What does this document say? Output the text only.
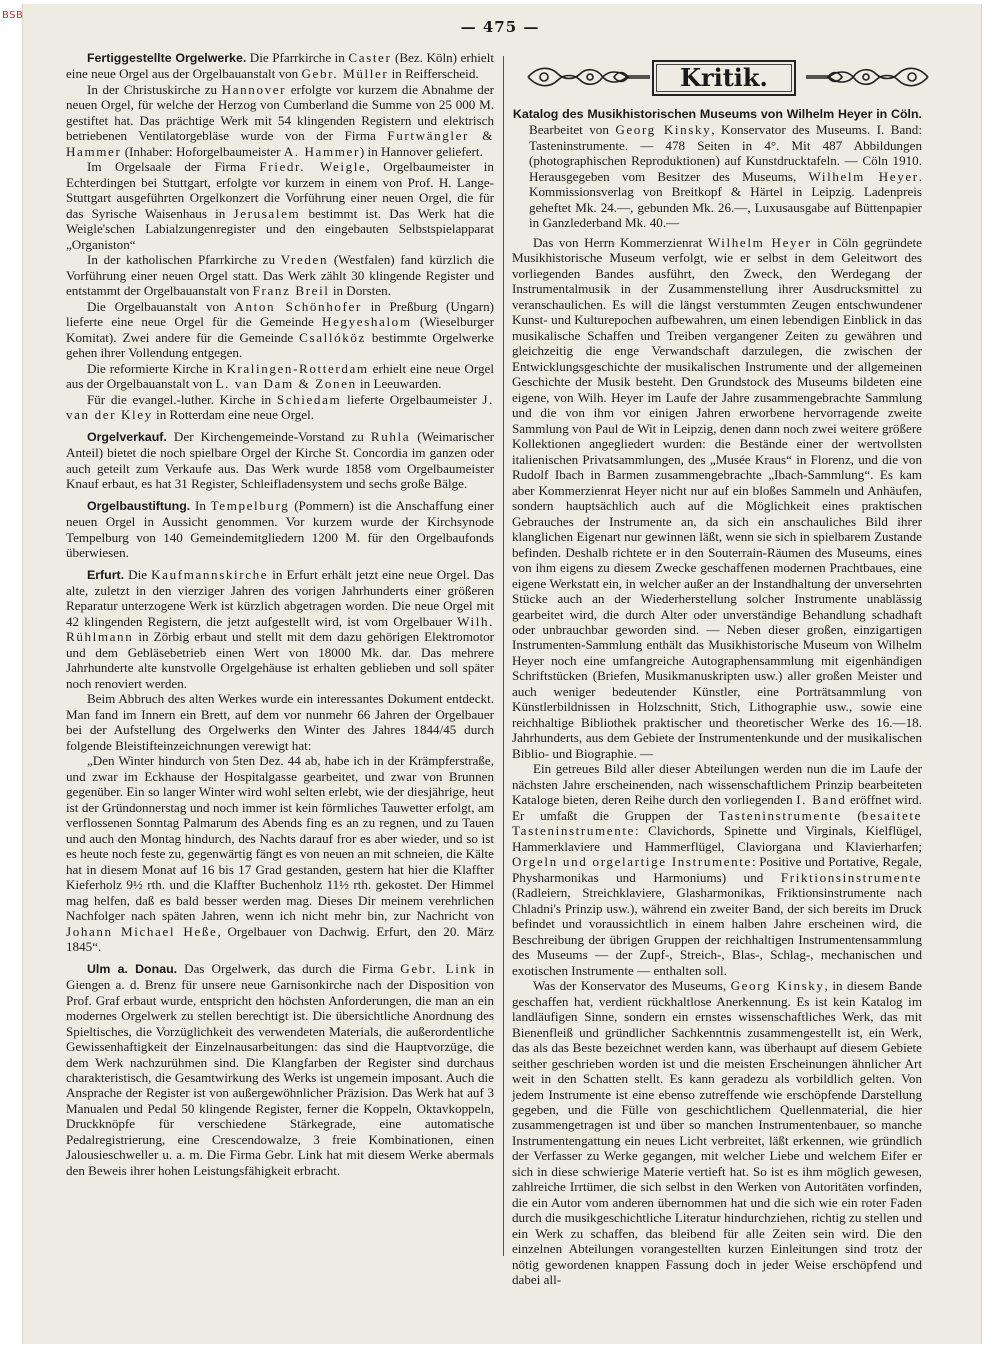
BSB
— 475 —

Fertiggestellte Orgelwerke. Die Pfarrkirche in Caster (Bez. Köln) erhielt eine neue Orgel aus der Orgelbauanstalt von Gebr. Müller in Reifferscheid.

In der Christuskirche zu Hannover erfolgte vor kurzem die Abnahme der neuen Orgel, für welche der Herzog von Cumberland die Summe von 25 000 M. gestiftet hat. Das prächtige Werk mit 54 klingenden Registern und elektrisch betriebenen Ventilatorgebläse wurde von der Firma Furtwängler & Hammer (Inhaber: Hoforgelbaumeister A. Hammer) in Hannover geliefert.

Im Orgelsaale der Firma Friedr. Weigle, Orgelbaumeister in Echterdingen bei Stuttgart, erfolgte vor kurzem in einem von Prof. H. Lange-Stuttgart ausgeführten Orgelkonzert die Vorführung einer neuen Orgel, die für das Syrische Waisenhaus in Jerusalem bestimmt ist. Das Werk hat die Weigle'schen Labialzungenregister und den eingebauten Selbstspielapparat „Organiston“

In der katholischen Pfarrkirche zu Vreden (Westfalen) fand kürzlich die Vorführung einer neuen Orgel statt. Das Werk zählt 30 klingende Register und entstammt der Orgelbauanstalt von Franz Breil in Dorsten.

Die Orgelbauanstalt von Anton Schönhofer in Preßburg (Ungarn) lieferte eine neue Orgel für die Gemeinde Hegyeshalom (Wieselburger Komitat). Zwei andere für die Gemeinde Csallóköz bestimmte Orgelwerke gehen ihrer Vollendung entgegen.

Die reformierte Kirche in Kralingen-Rotterdam erhielt eine neue Orgel aus der Orgelbauanstalt von L. van Dam & Zonen in Leeuwarden.

Für die evangel.-luther. Kirche in Schiedam lieferte Orgelbaumeister J. van der Kley in Rotterdam eine neue Orgel.

Orgelverkauf. Der Kirchengemeinde-Vorstand zu Ruhla (Weimarischer Anteil) bietet die noch spielbare Orgel der Kirche St. Concordia im ganzen oder auch geteilt zum Verkaufe aus. Das Werk wurde 1858 vom Orgelbaumeister Knauf erbaut, es hat 31 Register, Schleifladensystem und sechs große Bälge.

Orgelbaustiftung. In Tempelburg (Pommern) ist die Anschaffung einer neuen Orgel in Aussicht genommen. Vor kurzem wurde der Kirchsynode Tempelburg von 140 Gemeindemitgliedern 1200 M. für den Orgelbaufonds überwiesen.

Erfurt. Die Kaufmannskirche in Erfurt erhält jetzt eine neue Orgel. Das alte, zuletzt in den vierziger Jahren des vorigen Jahrhunderts einer größeren Reparatur unterzogene Werk ist kürzlich abgetragen worden. Die neue Orgel mit 42 klingenden Registern, die jetzt aufgestellt wird, ist vom Orgelbauer Wilh. Rühlmann in Zörbig erbaut und stellt mit dem dazu gehörigen Elektromotor und dem Gebläsebetrieb einen Wert von 18000 Mk. dar. Das mehrere Jahrhunderte alte kunstvolle Orgelgehäuse ist erhalten geblieben und soll später noch renoviert werden.

Beim Abbruch des alten Werkes wurde ein interessantes Dokument entdeckt. Man fand im Innern ein Brett, auf dem vor nunmehr 66 Jahren der Orgelbauer bei der Aufstellung des Orgelwerks den Winter des Jahres 1844/45 durch folgende Bleistifteinzeichnungen verewigt hat:

„Den Winter hindurch von 5ten Dez. 44 ab, habe ich in der Krämpferstraße, und zwar im Eckhause der Hospitalgasse gearbeitet, und zwar von Brunnen gegenüber. Ein so langer Winter wird wohl selten erlebt, wie der diesjährige, heut ist der Gründonnerstag und noch immer ist kein förmliches Tauwetter erfolgt, am verflossenen Sonntag Palmarum des Abends fing es an zu regnen, und zu Tauen und auch den Montag hindurch, des Nachts darauf fror es aber wieder, und so ist es heute noch feste zu, gegenwärtig fängt es von neuen an mit schneien, die Kälte hat in diesem Monat auf 16 bis 17 Grad gestanden, gestern hat hier die Klaffter Kieferholz 9½ rth. und die Klaffter Buchenholz 11½ rth. gekostet. Der Himmel mag helfen, daß es bald besser werden mag. Dieses Dir meinem verehrlichen Nachfolger nach späten Jahren, wenn ich nicht mehr bin, zur Nachricht von Johann Michael Heße, Orgelbauer von Dachwig. Erfurt, den 20. März 1845“.

Ulm a. Donau. Das Orgelwerk, das durch die Firma Gebr. Link in Giengen a. d. Brenz für unsere neue Garnisonkirche nach der Disposition von Prof. Graf erbaut wurde, entspricht den höchsten Anforderungen, die man an ein modernes Orgelwerk zu stellen berechtigt ist. Die übersichtliche Anordnung des Spieltisches, die Vorzüglichkeit des verwendeten Materials, die außerordentliche Gewissenhaftigkeit der Einzelnausarbeitungen: das sind die Hauptvorzüge, die dem Werk nachzurühmen sind. Die Klangfarben der Register sind durchaus charakteristisch, die Gesamtwirkung des Werks ist ungemein imposant. Auch die Ansprache der Register ist von außergewöhnlicher Präzision. Das Werk hat auf 3 Manualen und Pedal 50 klingende Register, ferner die Koppeln, Oktavkoppeln, Druckknöpfe für verschiedene Stärkegrade, eine automatische Pedalregistrierung, eine Crescendowalze, 3 freie Kombinationen, einen Jalousieschweller u. a. m. Die Firma Gebr. Link hat mit diesem Werke abermals den Beweis ihrer hohen Leistungsfähigkeit erbracht.

Kritik.

Katalog des Musikhistorischen Museums von Wilhelm Heyer in Cöln. Bearbeitet von Georg Kinsky, Konservator des Museums. I. Band: Tasteninstrumente. — 478 Seiten in 4°. Mit 487 Abbildungen (photographischen Reproduktionen) auf Kunstdrucktafeln. — Cöln 1910. Herausgegeben vom Besitzer des Museums, Wilhelm Heyer. Kommissionsverlag von Breitkopf & Härtel in Leipzig. Ladenpreis geheftet Mk. 24.—, gebunden Mk. 26.—, Luxusausgabe auf Büttenpapier in Ganzlederband Mk. 40.—

Das von Herrn Kommerzienrat Wilhelm Heyer in Cöln gegründete Musikhistorische Museum verfolgt, wie er selbst in dem Geleitwort des vorliegenden Bandes ausführt, den Zweck, den Werdegang der Instrumentalmusik in der Zusammenstellung ihrer Ausdrucksmittel zu veranschaulichen. Es will die längst verstummten Zeugen entschwundener Kunst- und Kulturepochen aufbewahren, um einen lebendigen Einblick in das musikalische Schaffen und Treiben vergangener Zeiten zu gewähren und gleichzeitig die enge Verwandschaft darzulegen, die zwischen der Entwicklungsgeschichte der musikalischen Instrumente und der allgemeinen Geschichte der Musik besteht. Den Grundstock des Museums bildeten eine eigene, von Wilh. Heyer im Laufe der Jahre zusammengebrachte Sammlung und die von ihm vor einigen Jahren erworbene hervorragende zweite Sammlung von Paul de Wit in Leipzig, denen dann noch zwei weitere größere Kollektionen angegliedert wurden: die Bestände einer der wertvollsten italienischen Privatsammlungen, des „Musée Kraus“ in Florenz, und die von Rudolf Ibach in Barmen zusammengebrachte „Ibach-Sammlung“. Es kam aber Kommerzienrat Heyer nicht nur auf ein bloßes Sammeln und Anhäufen, sondern hauptsächlich auch auf die Möglichkeit eines praktischen Gebrauches der Instrumente an, da sich ein anschauliches Bild ihrer klanglichen Eigenart nur gewinnen läßt, wenn sie sich in spielbarem Zustande befinden. Deshalb richtete er in den Souterrain-Räumen des Museums, eines von ihm eigens zu diesem Zwecke geschaffenen modernen Prachtbaues, eine eigene Werkstatt ein, in welcher außer an der Instandhaltung der unversehrten Stücke auch an der Wiederherstellung solcher Instrumente unablässig gearbeitet wird, die durch Alter oder unverständige Behandlung schadhaft oder unbrauchbar geworden sind. — Neben dieser großen, einzigartigen Instrumenten-Sammlung enthält das Musikhistorische Museum von Wilhelm Heyer noch eine umfangreiche Autographensammlung mit eigenhändigen Schriftstücken (Briefen, Musikmanuskripten usw.) aller großen Meister und auch weniger bedeutender Künstler, eine Porträtsammlung von Künstlerbildnissen in Holzschnitt, Stich, Lithographie usw., sowie eine reichhaltige Bibliothek praktischer und theoretischer Werke des 16.—18. Jahrhunderts, aus dem Gebiete der Instrumentenkunde und der musikalischen Biblio- und Biographie. —

Ein getreues Bild aller dieser Abteilungen werden nun die im Laufe der nächsten Jahre erscheinenden, nach wissenschaftlichem Prinzip bearbeiteten Kataloge bieten, deren Reihe durch den vorliegenden I. Band eröffnet wird. Er umfaßt die Gruppen der Tasteninstrumente (besaitete Tasteninstrumente: Clavichords, Spinette und Virginals, Kielflügel, Hammerklaviere und Hammerflügel, Claviorgana und Klavierharfen; Orgeln und orgelartige Instrumente: Positive und Portative, Regale, Physharmonikas und Harmoniums) und Friktionsinstrumente (Radleiern, Streichklaviere, Glasharmonikas, Friktionsinstrumente nach Chladni's Prinzip usw.), während ein zweiter Band, der sich bereits im Druck befindet und voraussichtlich in einem halben Jahre erscheinen wird, die Beschreibung der übrigen Gruppen der reichhaltigen Instrumentensammlung des Museums — der Zupf-, Streich-, Blas-, Schlag-, mechanischen und exotischen Instrumente — enthalten soll.

Was der Konservator des Museums, Georg Kinsky, in diesem Bande geschaffen hat, verdient rückhaltlose Anerkennung. Es ist kein Katalog im landläufigen Sinne, sondern ein ernstes wissenschaftliches Werk, das mit Bienenfleiß und gründlicher Sachkenntnis zusammengestellt ist, ein Werk, das als das Beste bezeichnet werden kann, was überhaupt auf diesem Gebiete seither geschrieben worden ist und die meisten Erscheinungen ähnlicher Art weit in den Schatten stellt. Es kann geradezu als vorbildlich gelten. Von jedem Instrumente ist eine ebenso zutreffende wie erschöpfende Darstellung gegeben, und die Fülle von geschichtlichem Quellenmaterial, die hier zusammengetragen ist und über so manchen Instrumentenbauer, so manche Instrumentengattung ein neues Licht verbreitet, läßt erkennen, wie gründlich der Verfasser zu Werke gegangen, mit welcher Liebe und welchem Eifer er sich in diese schwierige Materie vertieft hat. So ist es ihm möglich gewesen, zahlreiche Irrtümer, die sich selbst in den Werken von Autoritäten vorfinden, die ein Autor vom anderen übernommen hat und die sich wie ein roter Faden durch die musikgeschichtliche Literatur hindurchziehen, richtig zu stellen und ein Werk zu schaffen, das bleibend für alle Zeiten sein wird. Die den einzelnen Abteilungen vorangestellten kurzen Einleitungen sind trotz der nötig gewordenen knappen Fassung doch in jeder Weise erschöpfend und dabei all-
